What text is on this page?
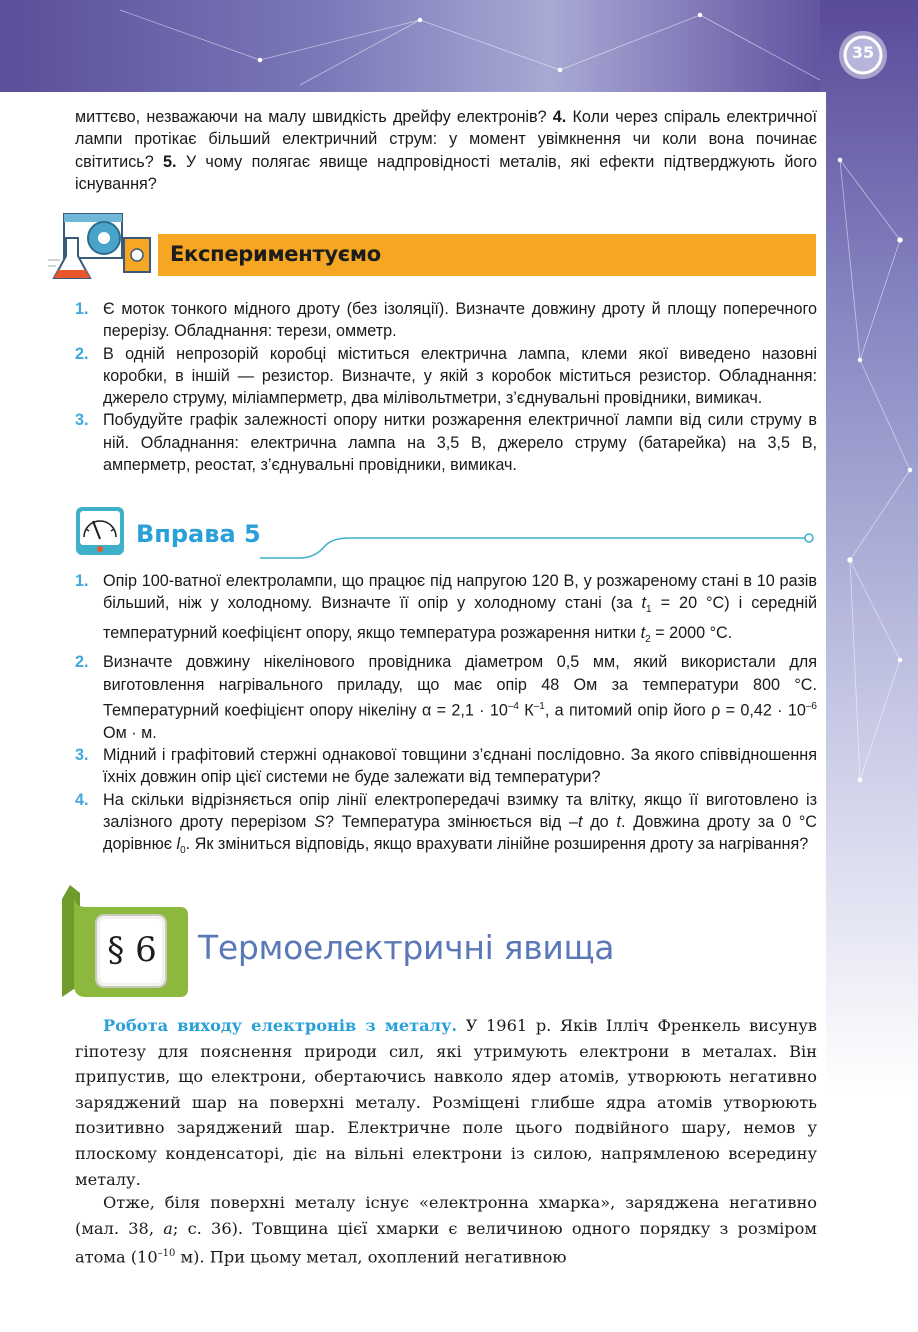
35

миттєво, незважаючи на малу швидкість дрейфу електронів? 4. Коли через спіраль електричної лампи протікає більший електричний струм: у момент увімкнення чи коли вона починає світитись? 5. У чому полягає явище надпровідності металів, які ефекти підтверджують його існування?

Експериментуємо
1. Є моток тонкого мідного дроту (без ізоляції). Визначте довжину дроту й площу поперечного перерізу. Обладнання: терези, омметр.
2. В одній непрозорій коробці міститься електрична лампа, клеми якої виведено назовні коробки, в іншій — резистор. Визначте, у якій з коробок міститься резистор. Обладнання: джерело струму, міліамперметр, два мілівольтметри, з’єднувальні провідники, вимикач.
3. Побудуйте графік залежності опору нитки розжарення електричної лампи від сили струму в ній. Обладнання: електрична лампа на 3,5 В, джерело струму (батарейка) на 3,5 В, амперметр, реостат, з’єднувальні провідники, вимикач.
Вправа 5
1. Опір 100-ватної електролампи, що працює під напругою 120 В, у розжареному стані в 10 разів більший, ніж у холодному. Визначте її опір у холодному стані (за $t_1 = 20$ °С) і середній температурний коефіцієнт опору, якщо температура розжарення нитки $t_2 = 2000$ °С.
2. Визначте довжину нікелінового провідника діаметром 0,5 мм, який використали для виготовлення нагрівального приладу, що має опір 48 Ом за температури 800 °С. Температурний коефіцієнт опору нікеліну $\alpha = 2,1 \cdot 10^{-4}$ $К^{-1}$, а питомий опір його $\rho = 0,42 \cdot 10^{-6}$ Ом · м.
3. Мідний і графітовий стержні однакової товщини з’єднані послідовно. За якого співвідношення їхніх довжин опір цієї системи не буде залежати від температури?
4. На скільки відрізняється опір лінії електропередачі взимку та влітку, якщо її виготовлено із залізного дроту перерізом S? Температура змінюється від –t до t. Довжина дроту за 0 °С дорівнює $l_0$. Як зміниться відповідь, якщо врахувати лінійне розширення дроту за нагрівання?
§ 6 Термоелектричні явища

Робота виходу електронів з металу. У 1961 р. Яків Ілліч Френкель висунув гіпотезу для пояснення природи сил, які утримують електрони в металах. Він припустив, що електрони, обертаючись навколо ядер атомів, утворюють негативно заряджений шар на поверхні металу. Розміщені глибше ядра атомів утворюють позитивно заряджений шар. Електричне поле цього подвійного шару, немов у плоскому конденсаторі, діє на вільні електрони із силою, напрямленою всередину металу.

Отже, біля поверхні металу існує «електронна хмарка», заряджена негативно (мал. 38, а; с. 36). Товщина цієї хмарки є величиною одного порядку з розміром атома ($10^{-10}$ м). При цьому метал, охоплений негативною
